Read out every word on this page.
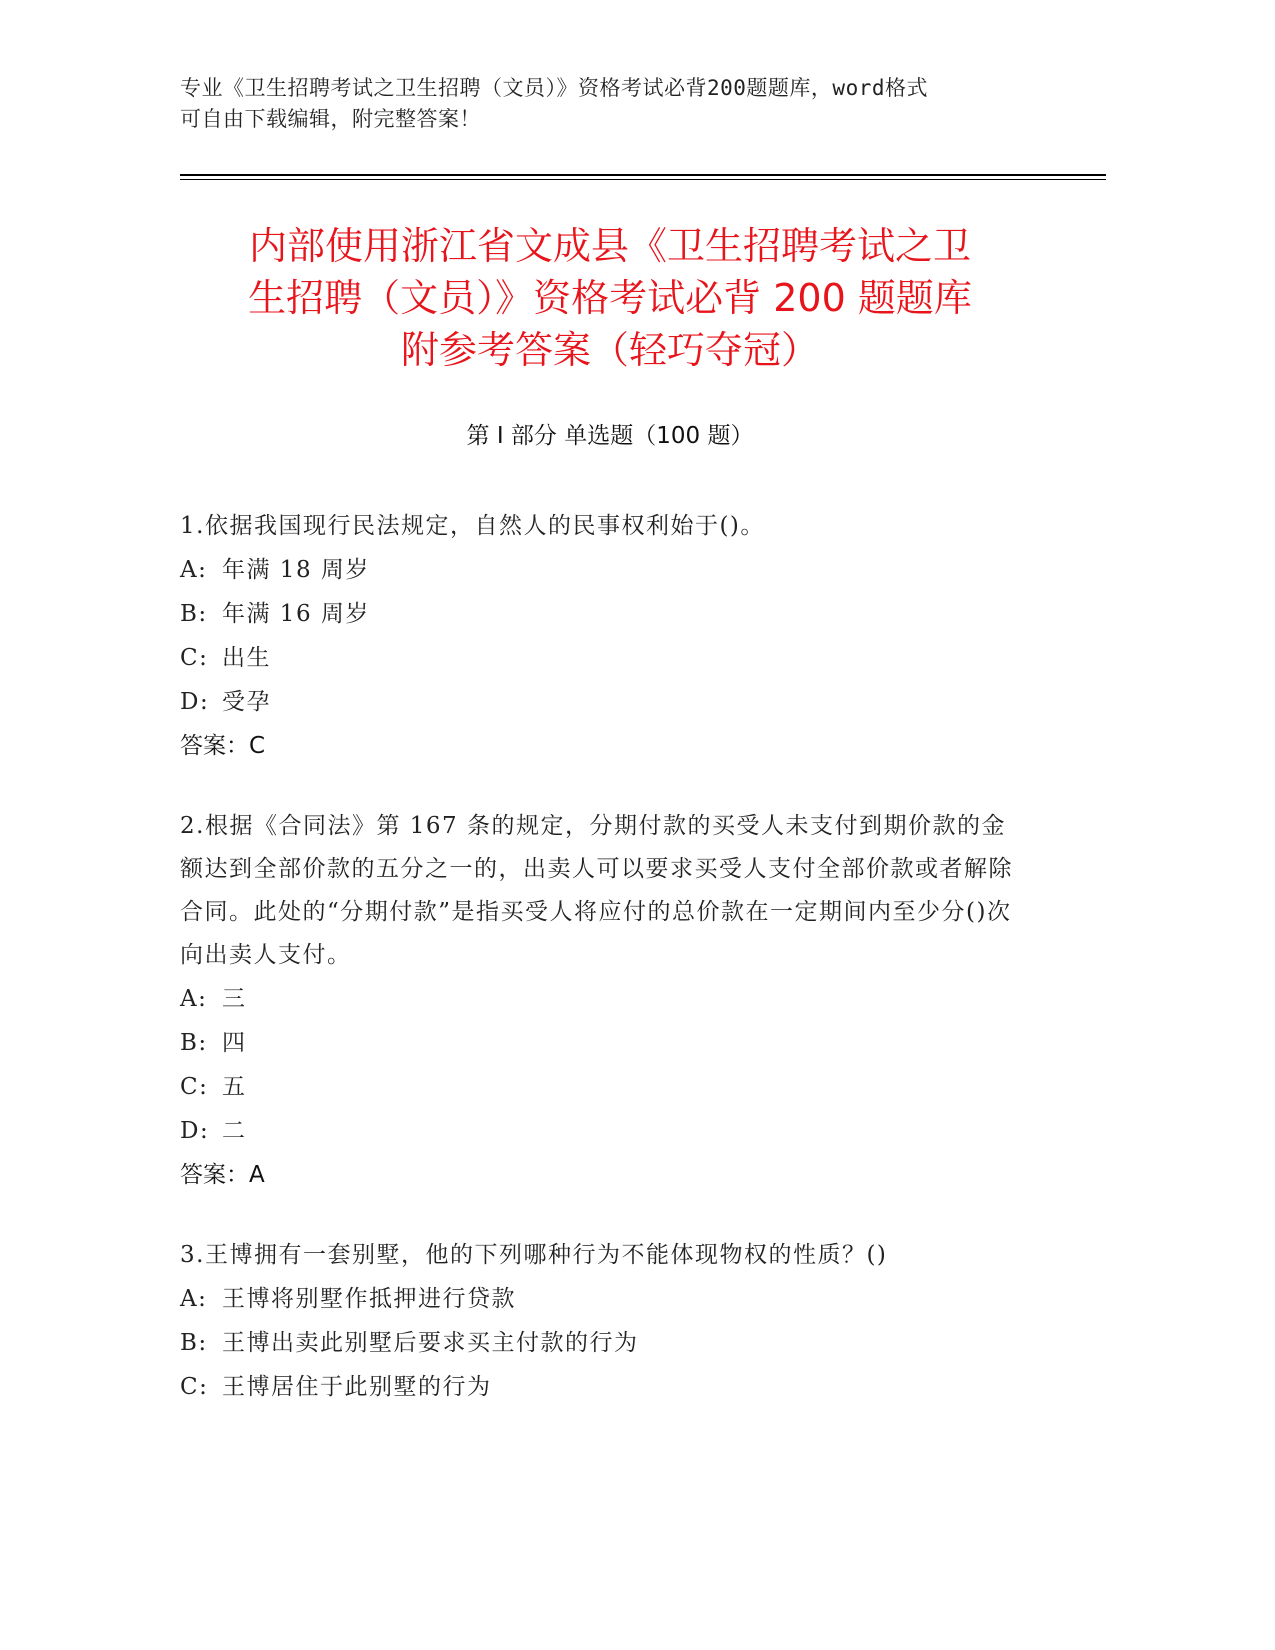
专业《卫生招聘考试之卫生招聘（文员）》资格考试必背200题题库，word格式
可自由下载编辑，附完整答案！
内部使用浙江省文成县《卫生招聘考试之卫
生招聘（文员）》资格考试必背 200 题题库
附参考答案（轻巧夺冠）
第 I 部分 单选题（100 题）
1.依据我国现行民法规定，自然人的民事权利始于()。
A: 年满 18 周岁
B: 年满 16 周岁
C: 出生
D: 受孕
答案：C
2.根据《合同法》第 167 条的规定，分期付款的买受人未支付到期价款的金额达到全部价款的五分之一的，出卖人可以要求买受人支付全部价款或者解除合同。此处的“分期付款”是指买受人将应付的总价款在一定期间内至少分()次向出卖人支付。
A: 三
B: 四
C: 五
D: 二
答案：A
3.王博拥有一套别墅，他的下列哪种行为不能体现物权的性质？()
A: 王博将别墅作抵押进行贷款
B: 王博出卖此别墅后要求买主付款的行为
C: 王博居住于此别墅的行为
